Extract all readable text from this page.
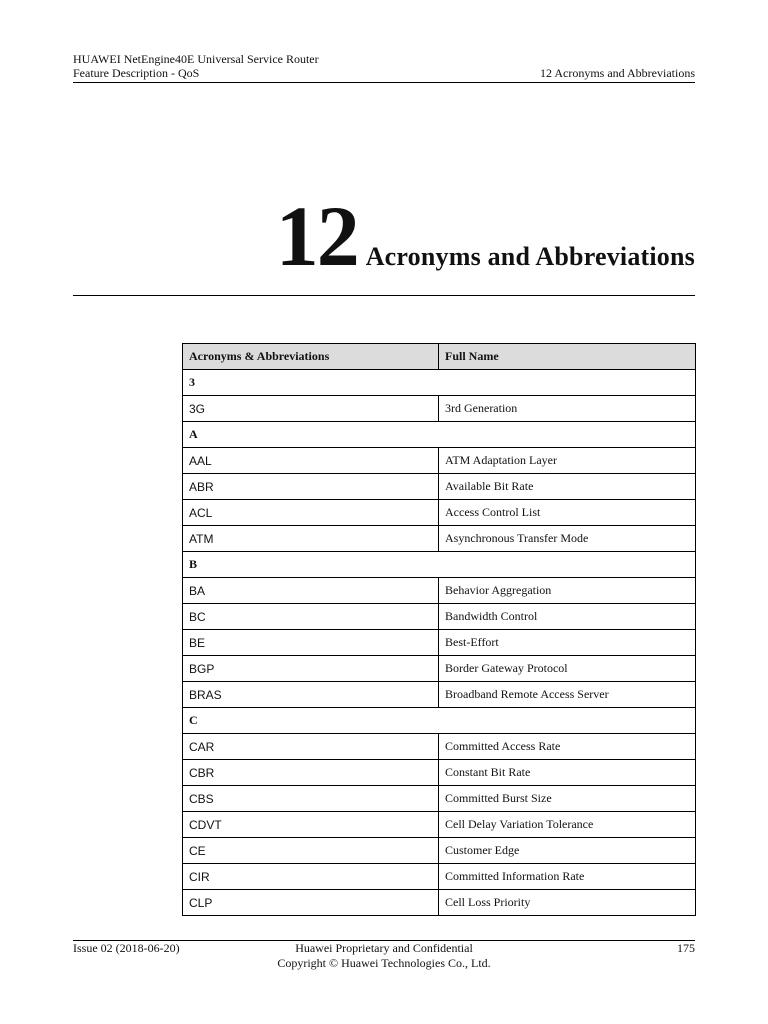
HUAWEI NetEngine40E Universal Service Router
Feature Description - QoS	12 Acronyms and Abbreviations
12 Acronyms and Abbreviations
Acronyms & Abbreviations	Full Name
3	
3G	3rd Generation
A	
AAL	ATM Adaptation Layer
ABR	Available Bit Rate
ACL	Access Control List
ATM	Asynchronous Transfer Mode
B	
BA	Behavior Aggregation
BC	Bandwidth Control
BE	Best-Effort
BGP	Border Gateway Protocol
BRAS	Broadband Remote Access Server
C	
CAR	Committed Access Rate
CBR	Constant Bit Rate
CBS	Committed Burst Size
CDVT	Cell Delay Variation Tolerance
CE	Customer Edge
CIR	Committed Information Rate
CLP	Cell Loss Priority
Issue 02 (2018-06-20)	Huawei Proprietary and Confidential
Copyright © Huawei Technologies Co., Ltd.
175
